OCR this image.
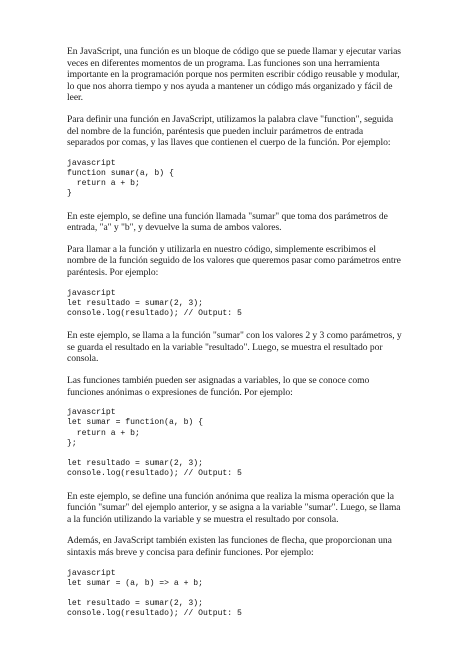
En JavaScript, una función es un bloque de código que se puede llamar y ejecutar varias
veces en diferentes momentos de un programa. Las funciones son una herramienta
importante en la programación porque nos permiten escribir código reusable y modular,
lo que nos ahorra tiempo y nos ayuda a mantener un código más organizado y fácil de
leer.

Para definir una función en JavaScript, utilizamos la palabra clave "function", seguida
del nombre de la función, paréntesis que pueden incluir parámetros de entrada
separados por comas, y las llaves que contienen el cuerpo de la función. Por ejemplo:

javascript
function sumar(a, b) {
return a + b;
}

En este ejemplo, se define una función llamada "sumar" que toma dos parámetros de
entrada, "a" y "b", y devuelve la suma de ambos valores.

Para llamar a la función y utilizarla en nuestro código, simplemente escribimos el
nombre de la función seguido de los valores que queremos pasar como parámetros entre
paréntesis. Por ejemplo:

javascript
let resultado = sumar(2, 3);
console.log(resultado); // Output: 5

En este ejemplo, se llama a la función "sumar" con los valores 2 y 3 como parámetros, y
se guarda el resultado en la variable "resultado". Luego, se muestra el resultado por
consola.

Las funciones también pueden ser asignadas a variables, lo que se conoce como
funciones anónimas o expresiones de función. Por ejemplo:

javascript
let sumar = function(a, b) {
return a + b;
};

let resultado = sumar(2, 3);
console.log(resultado); // Output: 5

En este ejemplo, se define una función anónima que realiza la misma operación que la
función "sumar" del ejemplo anterior, y se asigna a la variable "sumar". Luego, se llama
a la función utilizando la variable y se muestra el resultado por consola.

Además, en JavaScript también existen las funciones de flecha, que proporcionan una
sintaxis más breve y concisa para definir funciones. Por ejemplo:

javascript
let sumar = (a, b) => a + b;

let resultado = sumar(2, 3);
console.log(resultado); // Output: 5
